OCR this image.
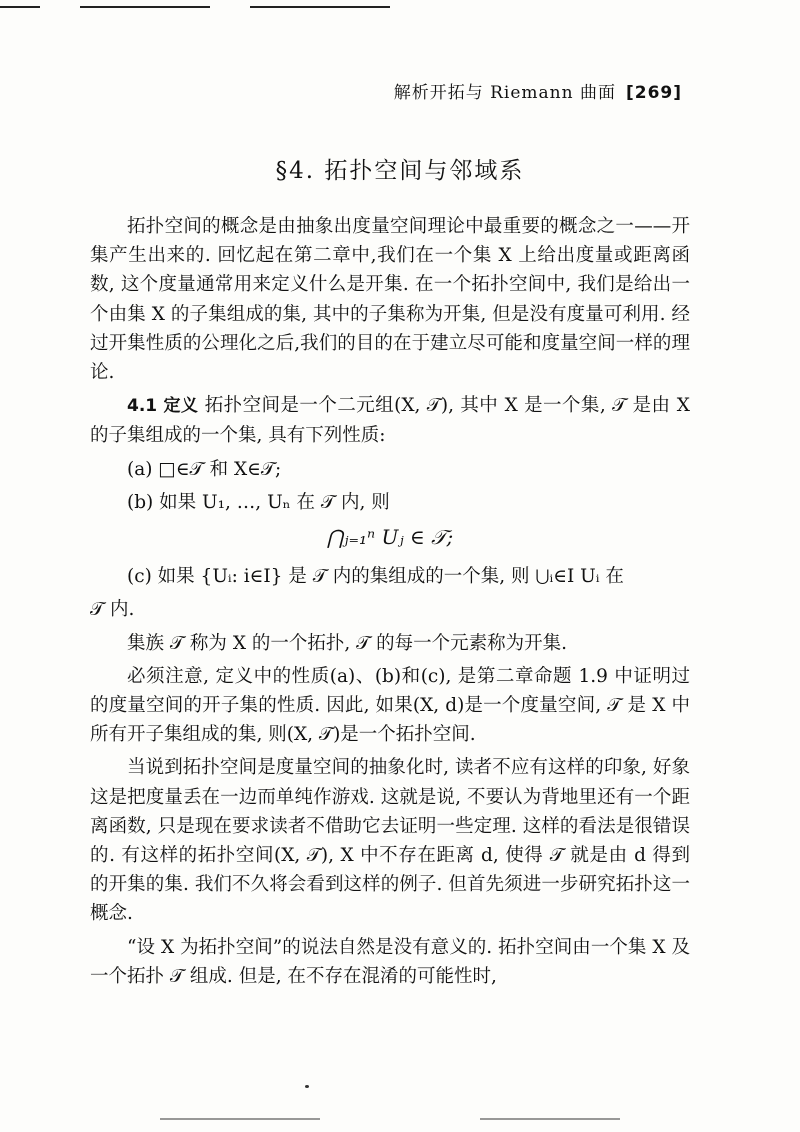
解析开拓与 Riemann 曲面 [269]
§4. 拓扑空间与邻域系

拓扑空间的概念是由抽象出度量空间理论中最重要的概念之一——开集产生出来的. 回忆起在第二章中,我们在一个集 X 上给出度量或距离函数, 这个度量通常用来定义什么是开集. 在一个拓扑空间中, 我们是给出一个由集 X 的子集组成的集, 其中的子集称为开集, 但是没有度量可利用. 经过开集性质的公理化之后,我们的目的在于建立尽可能和度量空间一样的理论.

4.1 定义 拓扑空间是一个二元组(X, 𝒯), 其中 X 是一个集, 𝒯 是由 X 的子集组成的一个集, 具有下列性质:

(a) □∈𝒯 和 X∈𝒯;
(b) 如果 U₁, …, Uₙ 在 𝒯 内, 则
⋂ⱼ₌₁ⁿ Uⱼ ∈ 𝒯;
(c) 如果 {Uᵢ: i∈I} 是 𝒯 内的集组成的一个集, 则 ⋃ᵢ∈I Uᵢ 在

𝒯 内.

集族 𝒯 称为 X 的一个拓扑, 𝒯 的每一个元素称为开集.

必须注意, 定义中的性质(a)、(b)和(c), 是第二章命题 1.9 中证明过的度量空间的开子集的性质. 因此, 如果(X, d)是一个度量空间, 𝒯 是 X 中所有开子集组成的集, 则(X, 𝒯)是一个拓扑空间.

当说到拓扑空间是度量空间的抽象化时, 读者不应有这样的印象, 好象这是把度量丢在一边而单纯作游戏. 这就是说, 不要认为背地里还有一个距离函数, 只是现在要求读者不借助它去证明一些定理. 这样的看法是很错误的. 有这样的拓扑空间(X, 𝒯), X 中不存在距离 d, 使得 𝒯 就是由 d 得到的开集的集. 我们不久将会看到这样的例子. 但首先须进一步研究拓扑这一概念.

“设 X 为拓扑空间”的说法自然是没有意义的. 拓扑空间由一个集 X 及一个拓扑 𝒯 组成. 但是, 在不存在混淆的可能性时,
